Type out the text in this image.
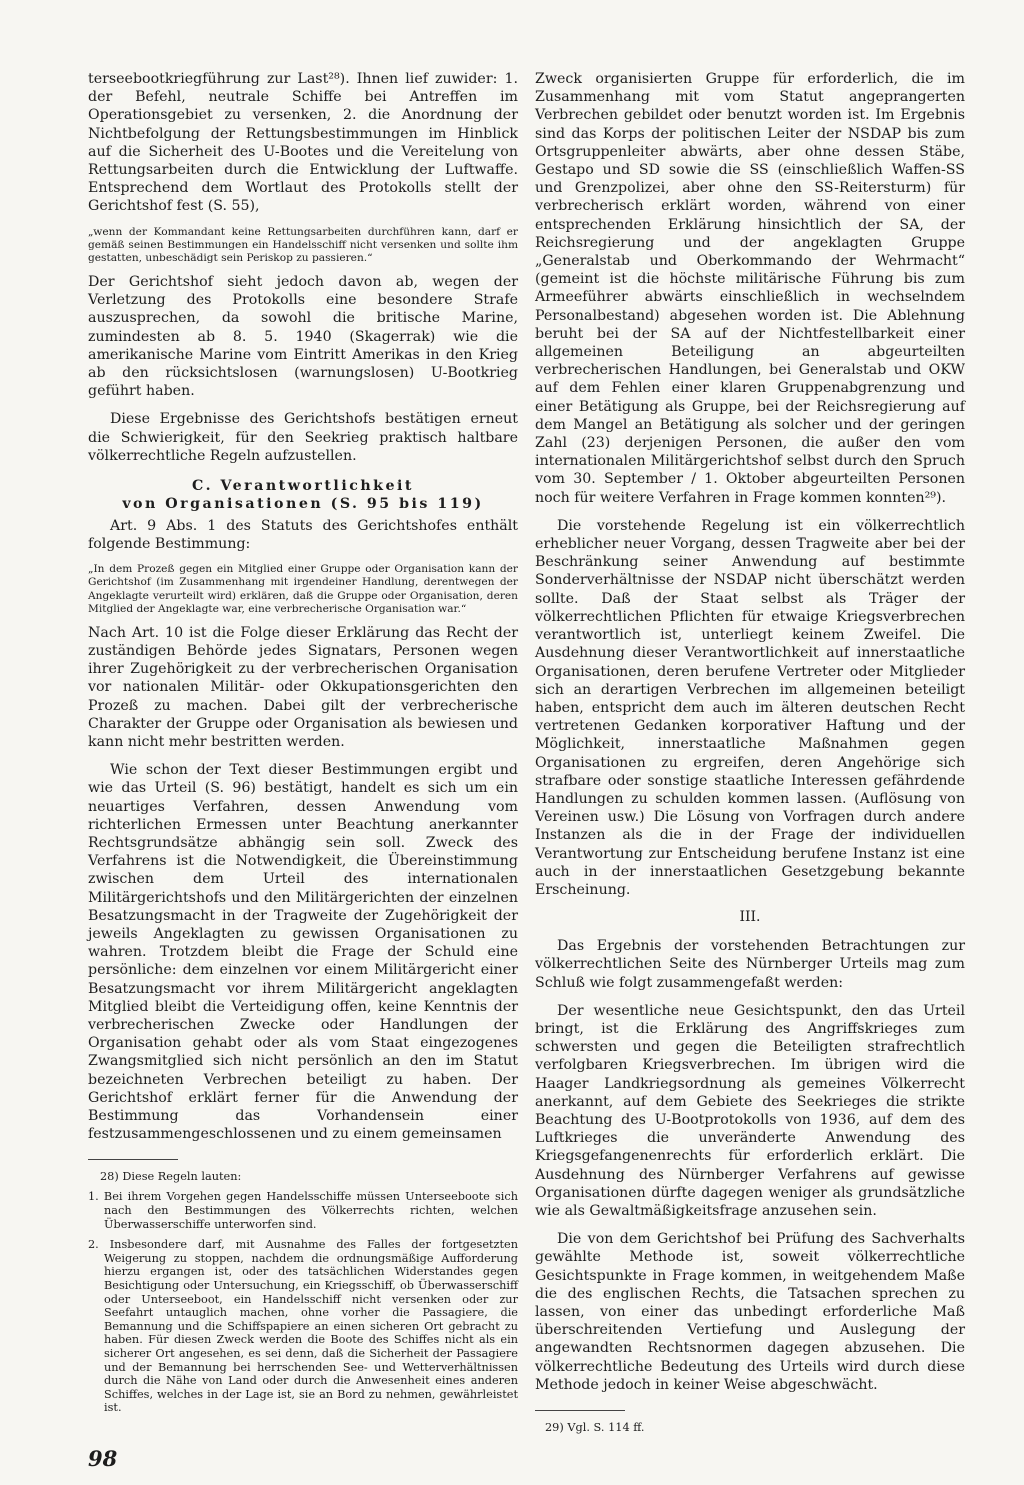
terseebootkriegführung zur Last²⁸). Ihnen lief zuwider: 1. der Befehl, neutrale Schiffe bei Antreffen im Operationsgebiet zu versenken, 2. die Anordnung der Nichtbefolgung der Rettungsbestimmungen im Hinblick auf die Sicherheit des U-Bootes und die Vereitelung von Rettungsarbeiten durch die Entwicklung der Luftwaffe. Entsprechend dem Wortlaut des Protokolls stellt der Gerichtshof fest (S. 55),

„wenn der Kommandant keine Rettungsarbeiten durchführen kann, darf er gemäß seinen Bestimmungen ein Handelsschiff nicht versenken und sollte ihm gestatten, unbeschädigt sein Periskop zu passieren.“

Der Gerichtshof sieht jedoch davon ab, wegen der Verletzung des Protokolls eine besondere Strafe auszusprechen, da sowohl die britische Marine, zumindesten ab 8. 5. 1940 (Skagerrak) wie die amerikanische Marine vom Eintritt Amerikas in den Krieg ab den rücksichtslosen (warnungslosen) U-Bootkrieg geführt haben.

Diese Ergebnisse des Gerichtshofs bestätigen erneut die Schwierigkeit, für den Seekrieg praktisch haltbare völkerrechtliche Regeln aufzustellen.

C. Verantwortlichkeit
von Organisationen (S. 95 bis 119)

Art. 9 Abs. 1 des Statuts des Gerichtshofes enthält folgende Bestimmung:

„In dem Prozeß gegen ein Mitglied einer Gruppe oder Organisation kann der Gerichtshof (im Zusammenhang mit irgendeiner Handlung, derentwegen der Angeklagte verurteilt wird) erklären, daß die Gruppe oder Organisation, deren Mitglied der Angeklagte war, eine verbrecherische Organisation war.“

Nach Art. 10 ist die Folge dieser Erklärung das Recht der zuständigen Behörde jedes Signatars, Personen wegen ihrer Zugehörigkeit zu der verbrecherischen Organisation vor nationalen Militär- oder Okkupationsgerichten den Prozeß zu machen. Dabei gilt der verbrecherische Charakter der Gruppe oder Organisation als bewiesen und kann nicht mehr bestritten werden.

Wie schon der Text dieser Bestimmungen ergibt und wie das Urteil (S. 96) bestätigt, handelt es sich um ein neuartiges Verfahren, dessen Anwendung vom richterlichen Ermessen unter Beachtung anerkannter Rechtsgrundsätze abhängig sein soll. Zweck des Verfahrens ist die Notwendigkeit, die Übereinstimmung zwischen dem Urteil des internationalen Militärgerichtshofs und den Militärgerichten der einzelnen Besatzungsmacht in der Tragweite der Zugehörigkeit der jeweils Angeklagten zu gewissen Organisationen zu wahren. Trotzdem bleibt die Frage der Schuld eine persönliche: dem einzelnen vor einem Militärgericht einer Besatzungsmacht vor ihrem Militärgericht angeklagten Mitglied bleibt die Verteidigung offen, keine Kenntnis der verbrecherischen Zwecke oder Handlungen der Organisation gehabt oder als vom Staat eingezogenes Zwangsmitglied sich nicht persönlich an den im Statut bezeichneten Verbrechen beteiligt zu haben. Der Gerichtshof erklärt ferner für die Anwendung der Bestimmung das Vorhandensein einer festzusammengeschlossenen und zu einem gemeinsamen

28) Diese Regeln lauten:
1. Bei ihrem Vorgehen gegen Handelsschiffe müssen Unterseeboote sich nach den Bestimmungen des Völkerrechts richten, welchen Überwasserschiffe unterworfen sind.
2. Insbesondere darf, mit Ausnahme des Falles der fortgesetzten Weigerung zu stoppen, nachdem die ordnungsmäßige Aufforderung hierzu ergangen ist, oder des tatsächlichen Widerstandes gegen Besichtigung oder Untersuchung, ein Kriegsschiff, ob Überwasserschiff oder Unterseeboot, ein Handelsschiff nicht versenken oder zur Seefahrt untauglich machen, ohne vorher die Passagiere, die Bemannung und die Schiffspapiere an einen sicheren Ort gebracht zu haben. Für diesen Zweck werden die Boote des Schiffes nicht als ein sicherer Ort angesehen, es sei denn, daß die Sicherheit der Passagiere und der Bemannung bei herrschenden See- und Wetterverhältnissen durch die Nähe von Land oder durch die Anwesenheit eines anderen Schiffes, welches in der Lage ist, sie an Bord zu nehmen, gewährleistet ist.

Zweck organisierten Gruppe für erforderlich, die im Zusammenhang mit vom Statut angeprangerten Verbrechen gebildet oder benutzt worden ist. Im Ergebnis sind das Korps der politischen Leiter der NSDAP bis zum Ortsgruppenleiter abwärts, aber ohne dessen Stäbe, Gestapo und SD sowie die SS (einschließlich Waffen-SS und Grenzpolizei, aber ohne den SS-Reitersturm) für verbrecherisch erklärt worden, während von einer entsprechenden Erklärung hinsichtlich der SA, der Reichsregierung und der angeklagten Gruppe „Generalstab und Oberkommando der Wehrmacht“ (gemeint ist die höchste militärische Führung bis zum Armeeführer abwärts einschließlich in wechselndem Personalbestand) abgesehen worden ist. Die Ablehnung beruht bei der SA auf der Nichtfestellbarkeit einer allgemeinen Beteiligung an abgeurteilten verbrecherischen Handlungen, bei Generalstab und OKW auf dem Fehlen einer klaren Gruppenabgrenzung und einer Betätigung als Gruppe, bei der Reichsregierung auf dem Mangel an Betätigung als solcher und der geringen Zahl (23) derjenigen Personen, die außer den vom internationalen Militärgerichtshof selbst durch den Spruch vom 30. September / 1. Oktober abgeurteilten Personen noch für weitere Verfahren in Frage kommen konnten²⁹).

Die vorstehende Regelung ist ein völkerrechtlich erheblicher neuer Vorgang, dessen Tragweite aber bei der Beschränkung seiner Anwendung auf bestimmte Sonderverhältnisse der NSDAP nicht überschätzt werden sollte. Daß der Staat selbst als Träger der völkerrechtlichen Pflichten für etwaige Kriegsverbrechen verantwortlich ist, unterliegt keinem Zweifel. Die Ausdehnung dieser Verantwortlichkeit auf innerstaatliche Organisationen, deren berufene Vertreter oder Mitglieder sich an derartigen Verbrechen im allgemeinen beteiligt haben, entspricht dem auch im älteren deutschen Recht vertretenen Gedanken korporativer Haftung und der Möglichkeit, innerstaatliche Maßnahmen gegen Organisationen zu ergreifen, deren Angehörige sich strafbare oder sonstige staatliche Interessen gefährdende Handlungen zu schulden kommen lassen. (Auflösung von Vereinen usw.) Die Lösung von Vorfragen durch andere Instanzen als die in der Frage der individuellen Verantwortung zur Entscheidung berufene Instanz ist eine auch in der innerstaatlichen Gesetzgebung bekannte Erscheinung.

III.

Das Ergebnis der vorstehenden Betrachtungen zur völkerrechtlichen Seite des Nürnberger Urteils mag zum Schluß wie folgt zusammengefaßt werden:

Der wesentliche neue Gesichtspunkt, den das Urteil bringt, ist die Erklärung des Angriffskrieges zum schwersten und gegen die Beteiligten strafrechtlich verfolgbaren Kriegsverbrechen. Im übrigen wird die Haager Landkriegsordnung als gemeines Völkerrecht anerkannt, auf dem Gebiete des Seekrieges die strikte Beachtung des U-Bootprotokolls von 1936, auf dem des Luftkrieges die unveränderte Anwendung des Kriegsgefangenenrechts für erforderlich erklärt. Die Ausdehnung des Nürnberger Verfahrens auf gewisse Organisationen dürfte dagegen weniger als grundsätzliche wie als Gewaltmäßigkeitsfrage anzusehen sein.

Die von dem Gerichtshof bei Prüfung des Sachverhalts gewählte Methode ist, soweit völkerrechtliche Gesichtspunkte in Frage kommen, in weitgehendem Maße die des englischen Rechts, die Tatsachen sprechen zu lassen, von einer das unbedingt erforderliche Maß überschreitenden Vertiefung und Auslegung der angewandten Rechtsnormen dagegen abzusehen. Die völkerrechtliche Bedeutung des Urteils wird durch diese Methode jedoch in keiner Weise abgeschwächt.

29) Vgl. S. 114 ff.
98
